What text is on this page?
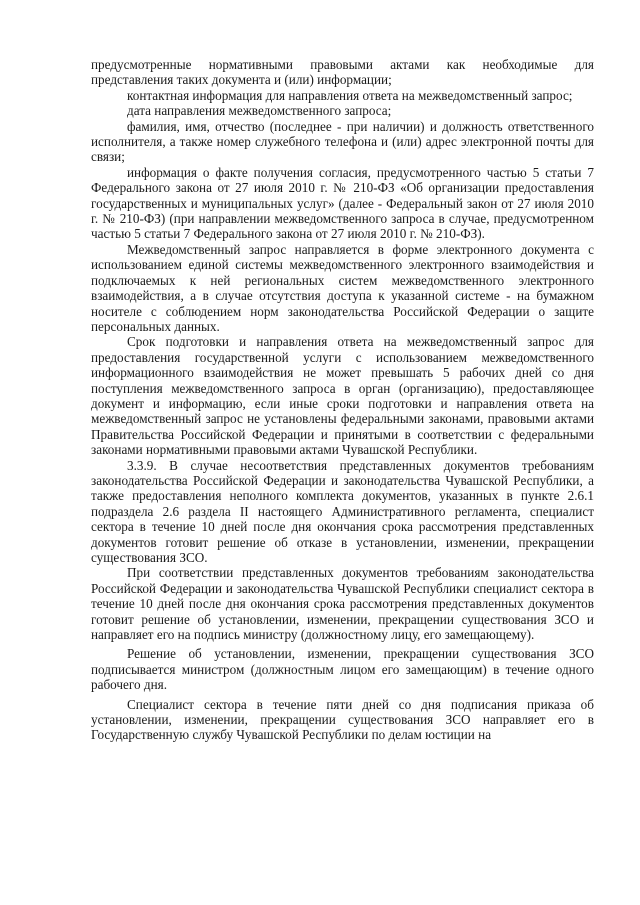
предусмотренные нормативными правовыми актами как необходимые для представления таких документа и (или) информации;

контактная информация для направления ответа на межведомственный запрос;

дата направления межведомственного запроса;

фамилия, имя, отчество (последнее - при наличии) и должность ответственного исполнителя, а также номер служебного телефона и (или) адрес электронной почты для связи;

информация о факте получения согласия, предусмотренного частью 5 статьи 7 Федерального закона от 27 июля 2010 г. № 210-ФЗ «Об организации предоставления государственных и муниципальных услуг» (далее - Федеральный закон от 27 июля 2010 г. № 210-ФЗ) (при направлении межведомственного запроса в случае, предусмотренном частью 5 статьи 7 Федерального закона от 27 июля 2010 г. № 210-ФЗ).

Межведомственный запрос направляется в форме электронного документа с использованием единой системы межведомственного электронного взаимодействия и подключаемых к ней региональных систем межведомственного электронного взаимодействия, а в случае отсутствия доступа к указанной системе - на бумажном носителе с соблюдением норм законодательства Российской Федерации о защите персональных данных.

Срок подготовки и направления ответа на межведомственный запрос для предоставления государственной услуги с использованием межведомственного информационного взаимодействия не может превышать 5 рабочих дней со дня поступления межведомственного запроса в орган (организацию), предоставляющее документ и информацию, если иные сроки подготовки и направления ответа на межведомственный запрос не установлены федеральными законами, правовыми актами Правительства Российской Федерации и принятыми в соответствии с федеральными законами нормативными правовыми актами Чувашской Республики.

3.3.9. В случае несоответствия представленных документов требованиям законодательства Российской Федерации и законодательства Чувашской Республики, а также предоставления неполного комплекта документов, указанных в пункте 2.6.1 подраздела 2.6 раздела II настоящего Административного регламента, специалист сектора в течение 10 дней после дня окончания срока рассмотрения представленных документов готовит решение об отказе в установлении, изменении, прекращении существования ЗСО.

При соответствии представленных документов требованиям законодательства Российской Федерации и законодательства Чувашской Республики специалист сектора в течение 10 дней после дня окончания срока рассмотрения представленных документов готовит решение об установлении, изменении, прекращении существования ЗСО и направляет его на подпись министру (должностному лицу, его замещающему).

Решение об установлении, изменении, прекращении существования ЗСО подписывается министром (должностным лицом его замещающим) в течение одного рабочего дня.

Специалист сектора в течение пяти дней со дня подписания приказа об установлении, изменении, прекращении существования ЗСО направляет его в Государственную службу Чувашской Республики по делам юстиции на
